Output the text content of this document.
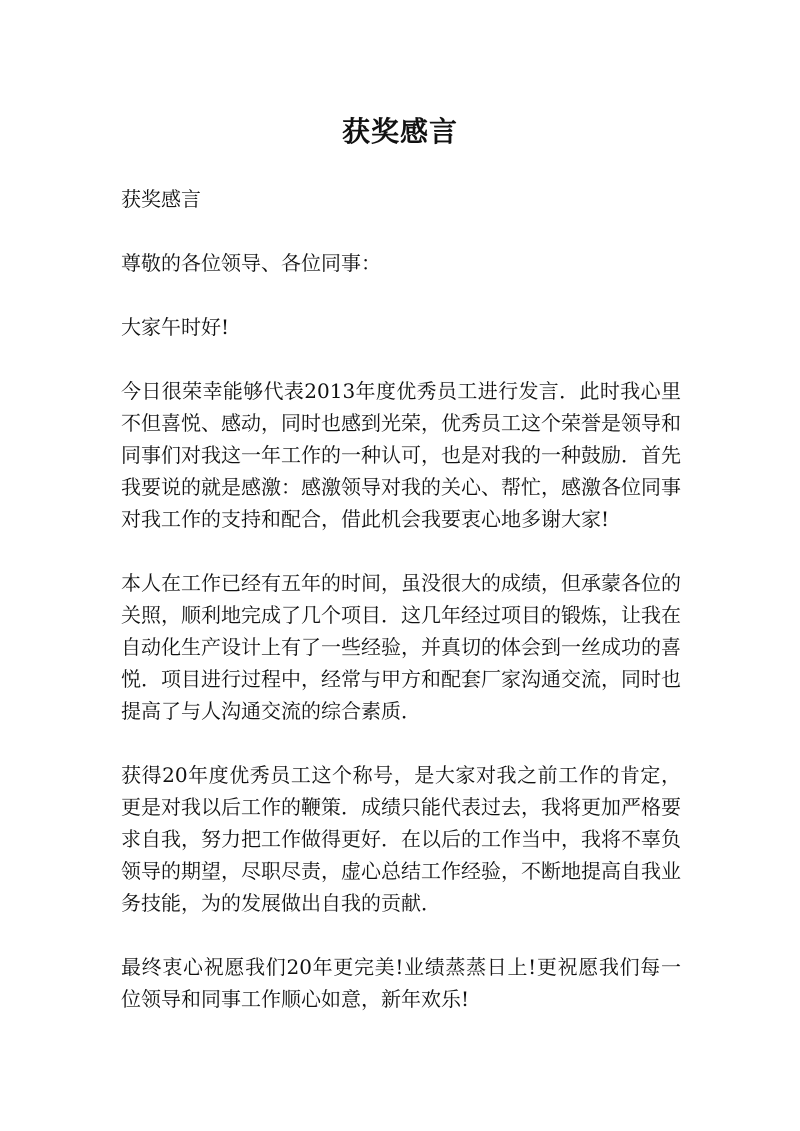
获奖感言

获奖感言

尊敬的各位领导、各位同事：

大家午时好!

今日很荣幸能够代表2013年度优秀员工进行发言．此时我心里不但喜悦、感动，同时也感到光荣，优秀员工这个荣誉是领导和同事们对我这一年工作的一种认可，也是对我的一种鼓励．首先我要说的就是感激：感激领导对我的关心、帮忙，感激各位同事对我工作的支持和配合，借此机会我要衷心地多谢大家!

本人在工作已经有五年的时间，虽没很大的成绩，但承蒙各位的关照，顺利地完成了几个项目．这几年经过项目的锻炼，让我在自动化生产设计上有了一些经验，并真切的体会到一丝成功的喜悦．项目进行过程中，经常与甲方和配套厂家沟通交流，同时也提高了与人沟通交流的综合素质．

获得20年度优秀员工这个称号，是大家对我之前工作的肯定，更是对我以后工作的鞭策．成绩只能代表过去，我将更加严格要求自我，努力把工作做得更好．在以后的工作当中，我将不辜负领导的期望，尽职尽责，虚心总结工作经验，不断地提高自我业务技能，为的发展做出自我的贡献．

最终衷心祝愿我们20年更完美!业绩蒸蒸日上!更祝愿我们每一位领导和同事工作顺心如意，新年欢乐!
